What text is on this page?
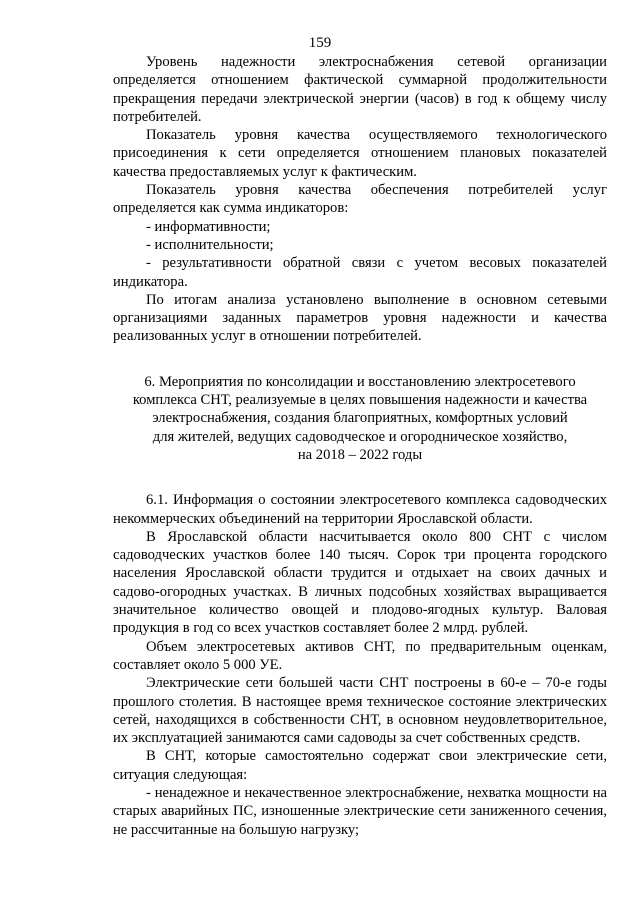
159

Уровень надежности электроснабжения сетевой организации определяется отношением фактической суммарной продолжительности прекращения передачи электрической энергии (часов) в год к общему числу потребителей.

Показатель уровня качества осуществляемого технологического присоединения к сети определяется отношением плановых показателей качества предоставляемых услуг к фактическим.

Показатель уровня качества обеспечения потребителей услуг определяется как сумма индикаторов:

- информативности;

- исполнительности;

- результативности обратной связи с учетом весовых показателей индикатора.

По итогам анализа установлено выполнение в основном сетевыми организациями заданных параметров уровня надежности и качества реализованных услуг в отношении потребителей.

6. Мероприятия по консолидации и восстановлению электросетевого
комплекса СНТ, реализуемые в целях повышения надежности и качества
электроснабжения, создания благоприятных, комфортных условий
для жителей, ведущих садоводческое и огородническое хозяйство,
на 2018 – 2022 годы

6.1. Информация о состоянии электросетевого комплекса садоводческих некоммерческих объединений на территории Ярославской области.

В Ярославской области насчитывается около 800 СНТ с числом садоводческих участков более 140 тысяч. Сорок три процента городского населения Ярославской области трудится и отдыхает на своих дачных и садово-огородных участках. В личных подсобных хозяйствах выращивается значительное количество овощей и плодово-ягодных культур. Валовая продукция в год со всех участков составляет более 2 млрд. рублей.

Объем электросетевых активов СНТ, по предварительным оценкам, составляет около 5 000 УЕ.

Электрические сети большей части СНТ построены в 60-е – 70-е годы прошлого столетия. В настоящее время техническое состояние электрических сетей, находящихся в собственности СНТ, в основном неудовлетворительное, их эксплуатацией занимаются сами садоводы за счет собственных средств.

В СНТ, которые самостоятельно содержат свои электрические сети, ситуация следующая:

- ненадежное и некачественное электроснабжение, нехватка мощности на старых аварийных ПС, изношенные электрические сети заниженного сечения, не рассчитанные на большую нагрузку;
